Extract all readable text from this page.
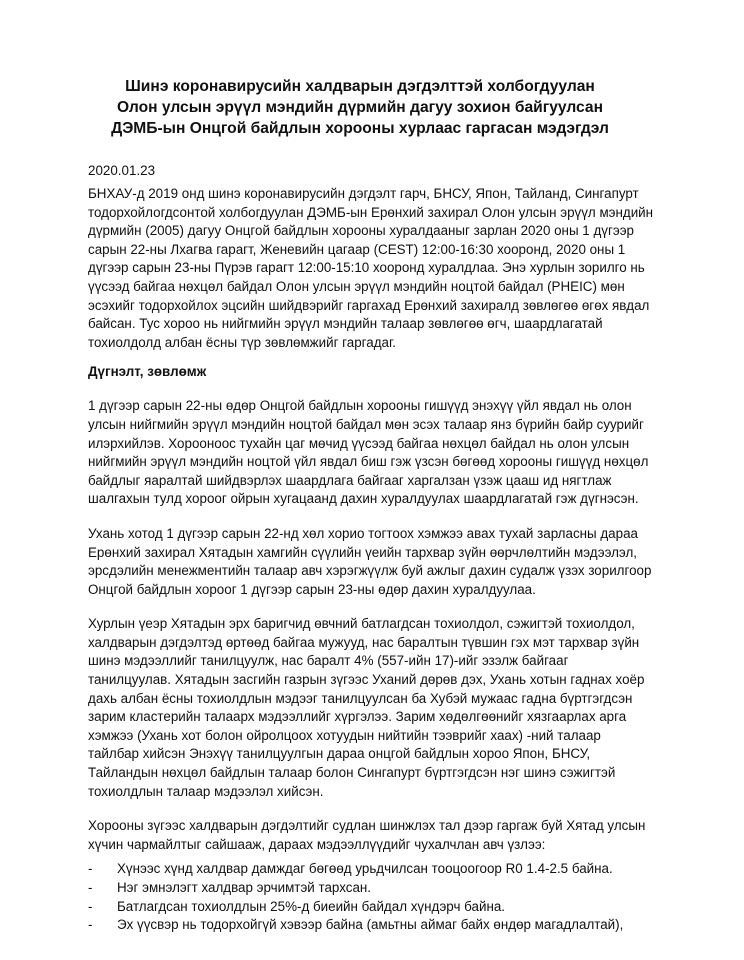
Шинэ коронавирусийн халдварын дэгдэлттэй холбогдуулан
Олон улсын эрүүл мэндийн дүрмийн дагуу зохион байгуулсан
ДЭМБ-ын Онцгой байдлын хорооны хурлаас гаргасан мэдэгдэл
2020.01.23

БНХАУ-д 2019 онд шинэ коронавирусийн дэгдэлт гарч, БНСУ, Япон, Тайланд, Сингапурт
тодорхойлогдсонтой холбогдуулан ДЭМБ-ын Ерөнхий захирал Олон улсын эрүүл мэндийн
дүрмийн (2005) дагуу Онцгой байдлын хорооны хуралдааныг зарлан 2020 оны 1 дүгээр
сарын 22-ны Лхагва гарагт, Женевийн цагаар (CEST) 12:00-16:30 хооронд, 2020 оны 1
дүгээр сарын 23-ны Пүрэв гарагт 12:00-15:10 хооронд хуралдлаа. Энэ хурлын зорилго нь
үүсээд байгаа нөхцөл байдал Олон улсын эрүүл мэндийн ноцтой байдал (PHEIC) мөн
эсэхийг тодорхойлох эцсийн шийдвэрийг гаргахад Ерөнхий захиралд зөвлөгөө өгөх явдал
байсан. Тус хороо нь нийгмийн эрүүл мэндийн талаар зөвлөгөө өгч, шаардлагатай
тохиолдолд албан ёсны түр зөвлөмжийг гаргадаг.

Дүгнэлт, зөвлөмж

1 дүгээр сарын 22-ны өдөр Онцгой байдлын хорооны гишүүд энэхүү үйл явдал нь олон
улсын нийгмийн эрүүл мэндийн ноцтой байдал мөн эсэх талаар янз бүрийн байр суурийг
илэрхийлэв. Хорооноос тухайн цаг мөчид үүсээд байгаа нөхцөл байдал нь олон улсын
нийгмийн эрүүл мэндийн ноцтой үйл явдал биш гэж үзсэн бөгөөд хорооны гишүүд нөхцөл
байдлыг яаралтай шийдвэрлэх шаардлага байгааг харгалзан үзэж цааш ид нягтлаж
шалгахын тулд хороог ойрын хугацаанд дахин хуралдуулах шаардлагатай гэж дүгнэсэн.

Ухань хотод 1 дүгээр сарын 22-нд хөл хорио тогтоох хэмжээ авах тухай зарласны дараа
Ерөнхий захирал Хятадын хамгийн сүүлийн үеийн тархвар зүйн өөрчлөлтийн мэдээлэл,
эрсдэлийн менежментийн талаар авч хэрэгжүүлж буй ажлыг дахин судалж үзэх зорилгоор
Онцгой байдлын хороог 1 дүгээр сарын 23-ны өдөр дахин хуралдуулаа.

Хурлын үеэр Хятадын эрх баригчид өвчний батлагдсан тохиолдол, сэжигтэй тохиолдол,
халдварын дэгдэлтэд өртөөд байгаа мужууд, нас баралтын түвшин гэх мэт тархвар зүйн
шинэ мэдээллийг танилцуулж, нас баралт 4% (557-ийн 17)-ийг эзэлж байгааг
танилцуулав. Хятадын засгийн газрын зүгээс Уханий дөрөв дэх, Ухань хотын гаднах хоёр
дахь албан ёсны тохиолдлын мэдээг танилцуулсан ба Хубэй мужаас гадна бүртгэгдсэн
зарим кластерийн талаарх мэдээллийг хүргэлээ. Зарим хөдөлгөөнийг хязгаарлах арга
хэмжээ (Ухань хот болон ойролцоох хотуудын нийтийн тээврийг хаах) -ний талаар
тайлбар хийсэн Энэхүү танилцуулгын дараа онцгой байдлын хороо Япон, БНСУ,
Тайландын нөхцөл байдлын талаар болон Сингапурт бүртгэгдсэн нэг шинэ сэжигтэй
тохиолдлын талаар мэдээлэл хийсэн.

Хорооны зүгээс халдварын дэгдэлтийг судлан шинжлэх тал дээр гаргаж буй Хятад улсын
хүчин чармайлтыг сайшааж, дараах мэдээллүүдийг чухалчлан авч үзлээ:

-	Хүнээс хүнд халдвар дамждаг бөгөөд урьдчилсан тооцоогоор R0 1.4-2.5 байна.
-	Нэг эмнэлэгт халдвар эрчимтэй тархсан.
-	Батлагдсан тохиолдлын 25%-д биеийн байдал хүндэрч байна.
-	Эх үүсвэр нь тодорхойгүй хэвээр байна (амьтны аймаг байх өндөр магадлалтай),
